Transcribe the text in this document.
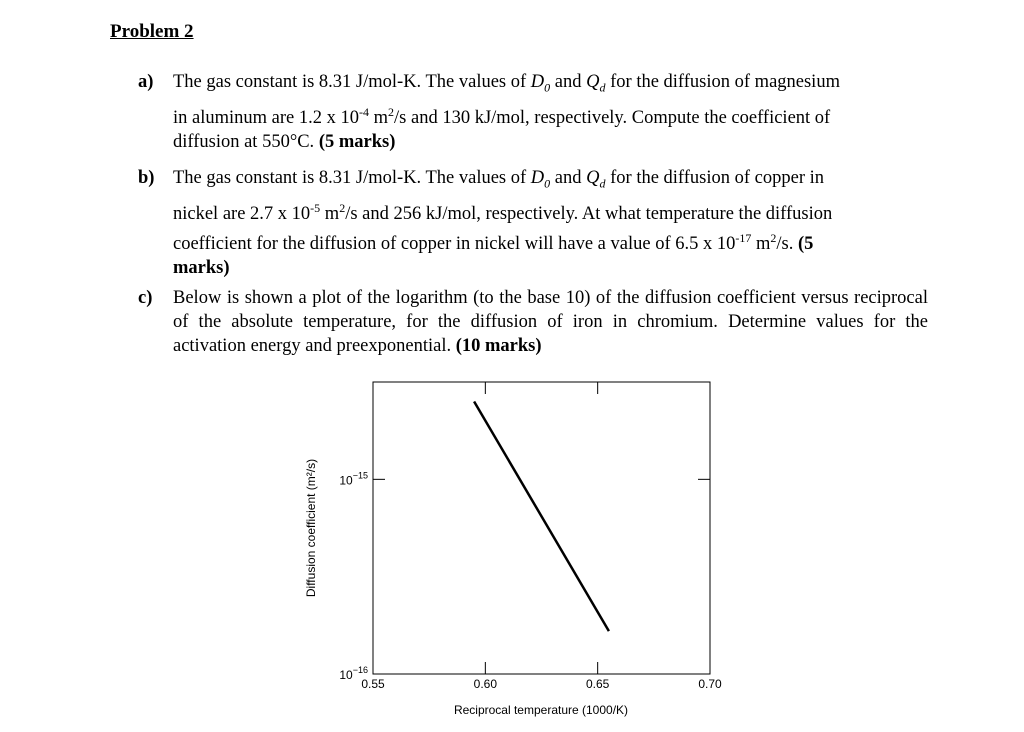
Problem 2
a) The gas constant is 8.31 J/mol-K. The values of $D_0$ and $Q_d$ for the diffusion of magnesium
in aluminum are 1.2 x $10^{-4}$ $m^2/s$ and 130 kJ/mol, respectively. Compute the coefficient of
diffusion at 550°C. (5 marks)
b) The gas constant is 8.31 J/mol-K. The values of $D_0$ and $Q_d$ for the diffusion of copper in
nickel are 2.7 x $10^{-5}$ $m^2/s$ and 256 kJ/mol, respectively. At what temperature the diffusion
coefficient for the diffusion of copper in nickel will have a value of 6.5 x $10^{-17}$ $m^2/s$. (5
marks)
c) Below is shown a plot of the logarithm (to the base 10) of the diffusion coefficient versus reciprocal of the absolute temperature, for the diffusion of iron in chromium. Determine values for the activation energy and preexponential. (10 marks)
0.55	0.60	0.65	0.70
$10^{-15}$
$10^{-16}$
Diffusion coefficient (m²/s)
Reciprocal temperature (1000/K)
